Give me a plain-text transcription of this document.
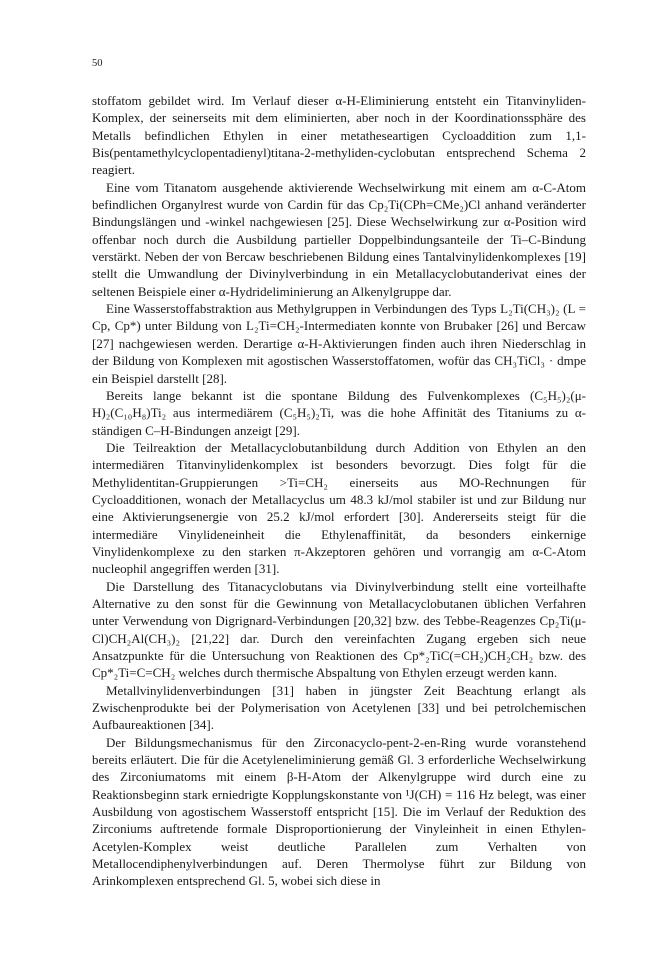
50

stoffatom gebildet wird. Im Verlauf dieser α-H-Eliminierung entsteht ein Titanvinyliden-Komplex, der seinerseits mit dem eliminierten, aber noch in der Koordinationssphäre des Metalls befindlichen Ethylen in einer metatheseartigen Cycloaddition zum 1,1-Bis(pentamethylcyclopentadienyl)titana-2-methyliden-cyclobutan entsprechend Schema 2 reagiert.

Eine vom Titanatom ausgehende aktivierende Wechselwirkung mit einem am α-C-Atom befindlichen Organylrest wurde von Cardin für das Cp₂Ti(CPh=CMe₂)Cl anhand veränderter Bindungslängen und -winkel nachgewiesen [25]. Diese Wechselwirkung zur α-Position wird offenbar noch durch die Ausbildung partieller Doppelbindungsanteile der Ti–C-Bindung verstärkt. Neben der von Bercaw beschriebenen Bildung eines Tantalvinylidenkomplexes [19] stellt die Umwandlung der Divinylverbindung in ein Metallacyclobutanderivat eines der seltenen Beispiele einer α-Hydrideliminierung an Alkenylgruppe dar.

Eine Wasserstoffabstraktion aus Methylgruppen in Verbindungen des Typs L₂Ti(CH₃)₂ (L = Cp, Cp*) unter Bildung von L₂Ti=CH₂-Intermediaten konnte von Brubaker [26] und Bercaw [27] nachgewiesen werden. Derartige α-H-Aktivierungen finden auch ihren Niederschlag in der Bildung von Komplexen mit agostischen Wasserstoffatomen, wofür das CH₃TiCl₃ · dmpe ein Beispiel darstellt [28].

Bereits lange bekannt ist die spontane Bildung des Fulvenkomplexes (C₅H₅)₂(μ-H)₂(C₁₀H₈)Ti₂ aus intermediärem (C₅H₅)₂Ti, was die hohe Affinität des Titaniums zu α-ständigen C–H-Bindungen anzeigt [29].

Die Teilreaktion der Metallacyclobutanbildung durch Addition von Ethylen an den intermediären Titanvinylidenkomplex ist besonders bevorzugt. Dies folgt für die Methylidentitan-Gruppierungen >Ti=CH₂ einerseits aus MO-Rechnungen für Cycloadditionen, wonach der Metallacyclus um 48.3 kJ/mol stabiler ist und zur Bildung nur eine Aktivierungsenergie von 25.2 kJ/mol erfordert [30]. Andererseits steigt für die intermediäre Vinylideneinheit die Ethylenaffinität, da besonders einkernige Vinylidenkomplexe zu den starken π-Akzeptoren gehören und vorrangig am α-C-Atom nucleophil angegriffen werden [31].

Die Darstellung des Titanacyclobutans via Divinylverbindung stellt eine vorteilhafte Alternative zu den sonst für die Gewinnung von Metallacyclobutanen üblichen Verfahren unter Verwendung von Digrignard-Verbindungen [20,32] bzw. des Tebbe-Reagenzes Cp₂Ti(μ-Cl)CH₂Al(CH₃)₂ [21,22] dar. Durch den vereinfachten Zugang ergeben sich neue Ansatzpunkte für die Untersuchung von Reaktionen des Cp*₂TiC(=CH₂)CH₂CH₂ bzw. des Cp*₂Ti=C=CH₂ welches durch thermische Abspaltung von Ethylen erzeugt werden kann.

Metallvinylidenverbindungen [31] haben in jüngster Zeit Beachtung erlangt als Zwischenprodukte bei der Polymerisation von Acetylenen [33] und bei petrolchemischen Aufbaureaktionen [34].

Der Bildungsmechanismus für den Zirconacyclo-pent-2-en-Ring wurde voranstehend bereits erläutert. Die für die Acetyleneliminierung gemäß Gl. 3 erforderliche Wechselwirkung des Zirconiumatoms mit einem β-H-Atom der Alkenylgruppe wird durch eine zu Reaktionsbeginn stark erniedrigte Kopplungskonstante von ¹J(CH) = 116 Hz belegt, was einer Ausbildung von agostischem Wasserstoff entspricht [15]. Die im Verlauf der Reduktion des Zirconiums auftretende formale Disproportionierung der Vinyleinheit in einen Ethylen-Acetylen-Komplex weist deutliche Parallelen zum Verhalten von Metallocendiphenylverbindungen auf. Deren Thermolyse führt zur Bildung von Arinkomplexen entsprechend Gl. 5, wobei sich diese in
